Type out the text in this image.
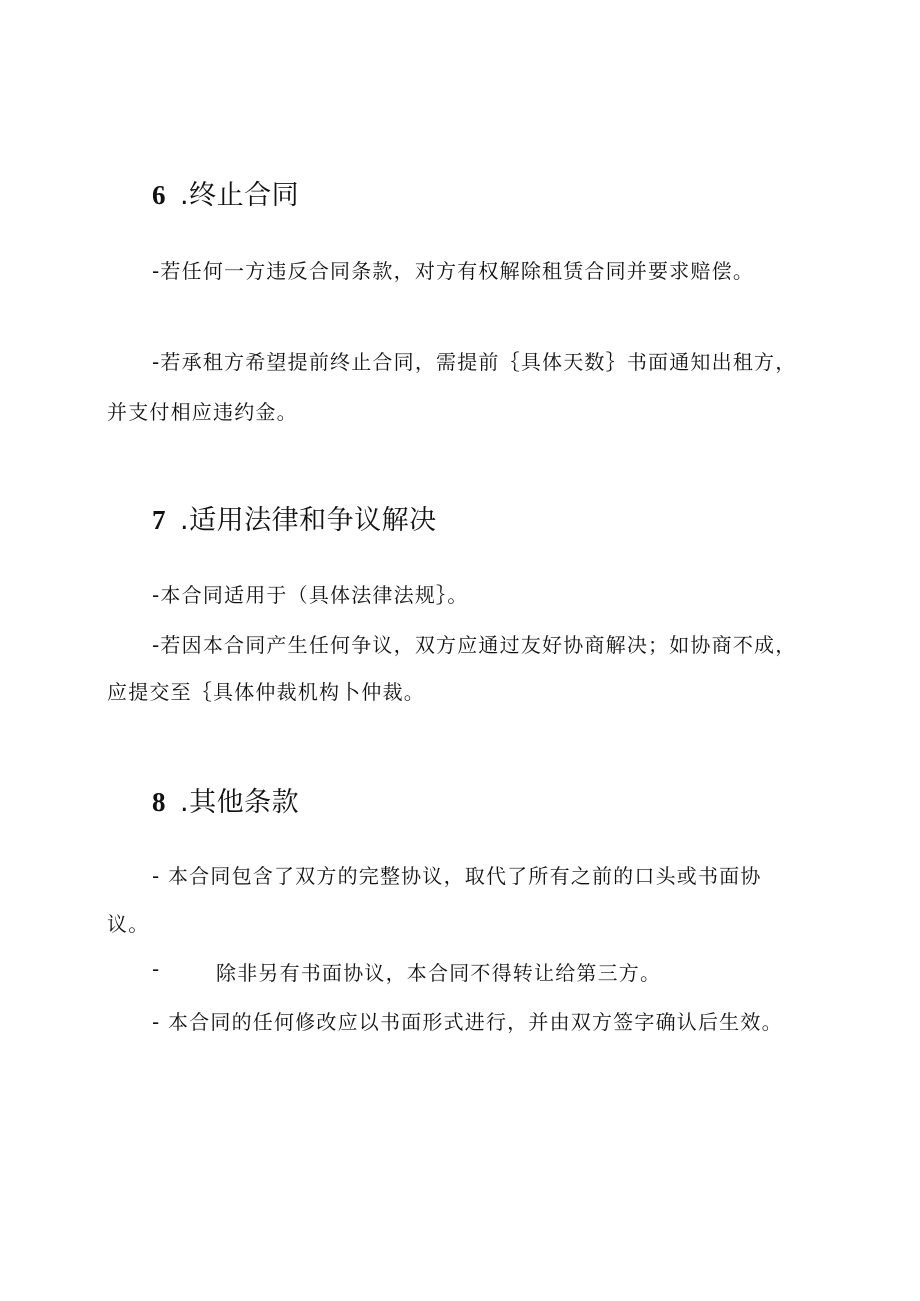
6 .终止合同
-若任何一方违反合同条款，对方有权解除租赁合同并要求赔偿。
-若承租方希望提前终止合同，需提前｛具体天数｝书面通知出租方，
并支付相应违约金。
7 .适用法律和争议解决
-本合同适用于（具体法律法规｝。
-若因本合同产生任何争议，双方应通过友好协商解决；如协商不成，
应提交至｛具体仲裁机构卜仲裁。
8 .其他条款
- 本合同包含了双方的完整协议，取代了所有之前的口头或书面协
议。
-	除非另有书面协议，本合同不得转让给第三方。
- 本合同的任何修改应以书面形式进行，并由双方签字确认后生效。
